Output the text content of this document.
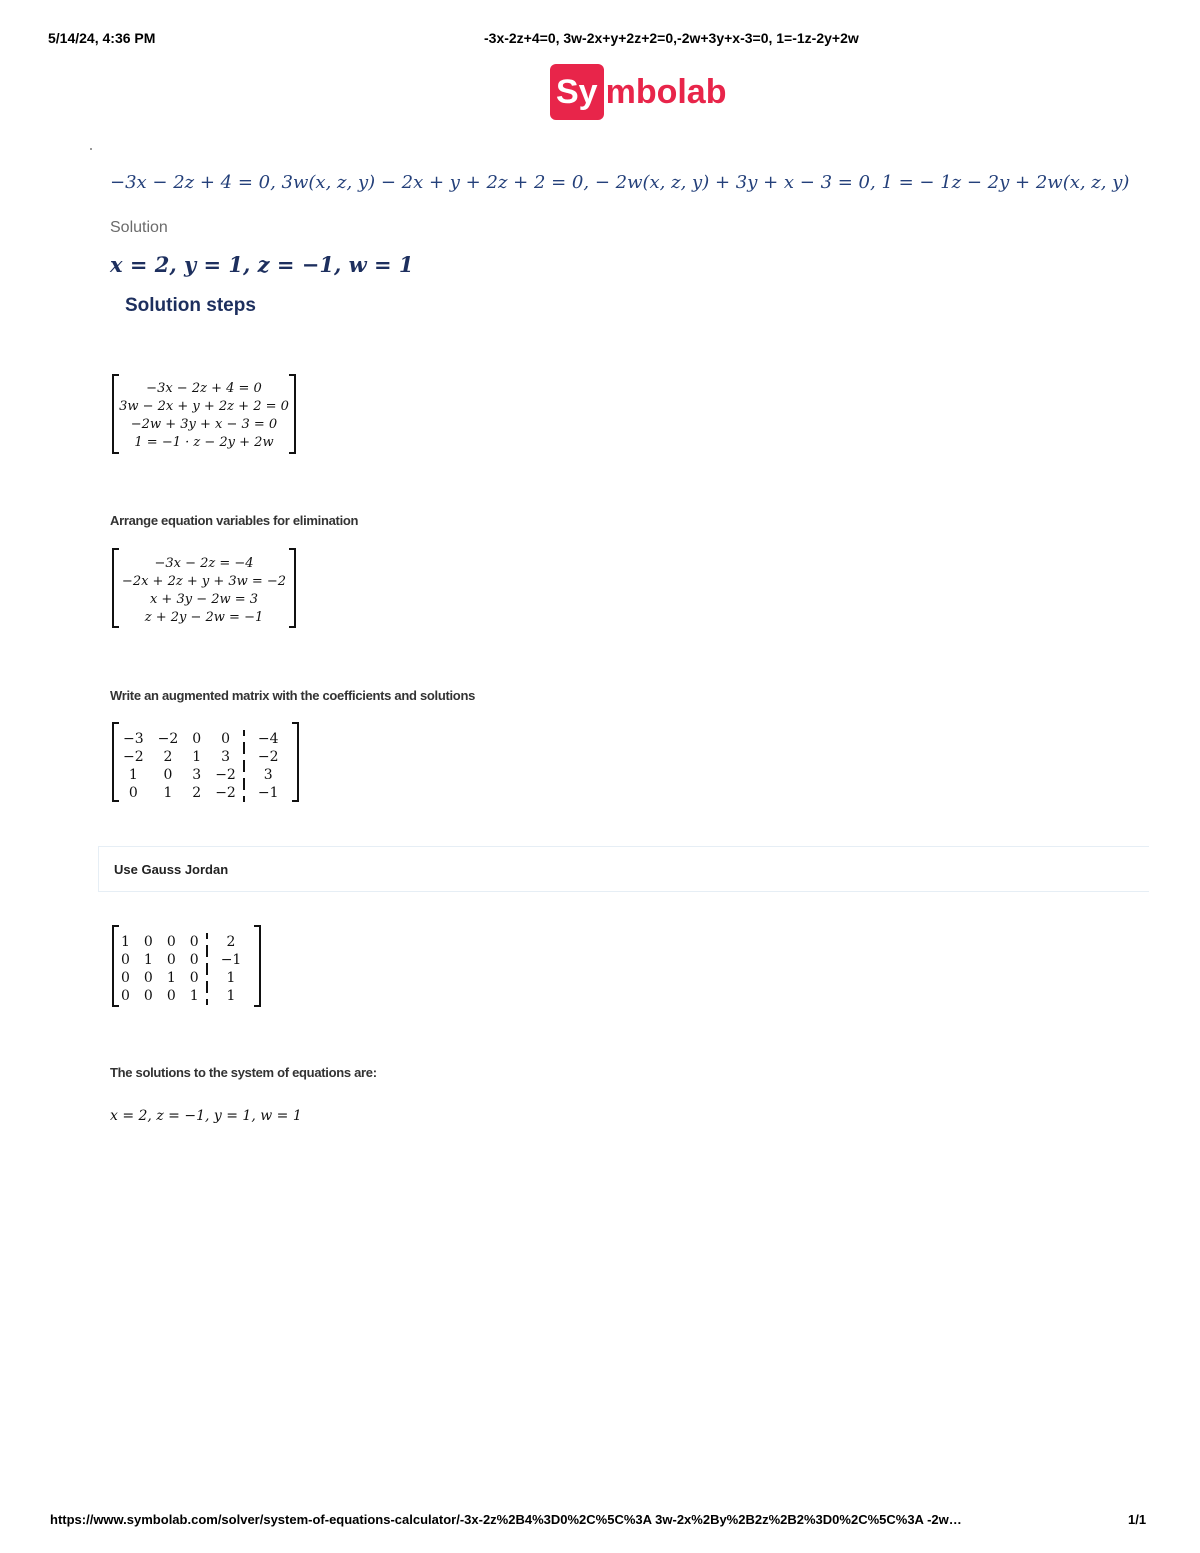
5/14/24, 4:36 PM	-3x-2z+4=0, 3w-2x+y+2z+2=0,-2w+3y+x-3=0, 1=-1z-2y+2w
Sy mbolab
−3x − 2z + 4 = 0, 3w(x, z, y) − 2x + y + 2z + 2 = 0, − 2w(x, z, y) + 3y + x − 3 = 0, 1 = − 1z − 2y + 2w(x, z, y)
Solution
x = 2, y = 1, z = −1, w = 1
Solution steps
−3x − 2z + 4 = 0
3w − 2x + y + 2z + 2 = 0
−2w + 3y + x − 3 = 0
1 = −1 · z − 2y + 2w
Arrange equation variables for elimination
−3x − 2z = −4
−2x + 2z + y + 3w = −2
x + 3y − 2w = 3
z + 2y − 2w = −1
Write an augmented matrix with the coefficients and solutions
−3	−2	0	0		−4
−2	2	1	3		−2
1	0	3	−2		3
0	1	2	−2		−1
Use Gauss Jordan
1	0	0	0		2
0	1	0	0		−1
0	0	1	0		1
0	0	0	1		1
The solutions to the system of equations are:
x = 2, z = −1, y = 1, w = 1
https://www.symbolab.com/solver/system-of-equations-calculator/-3x-2z%2B4%3D0%2C%5C%3A 3w-2x%2By%2B2z%2B2%3D0%2C%5C%3A -2w…	1/1
